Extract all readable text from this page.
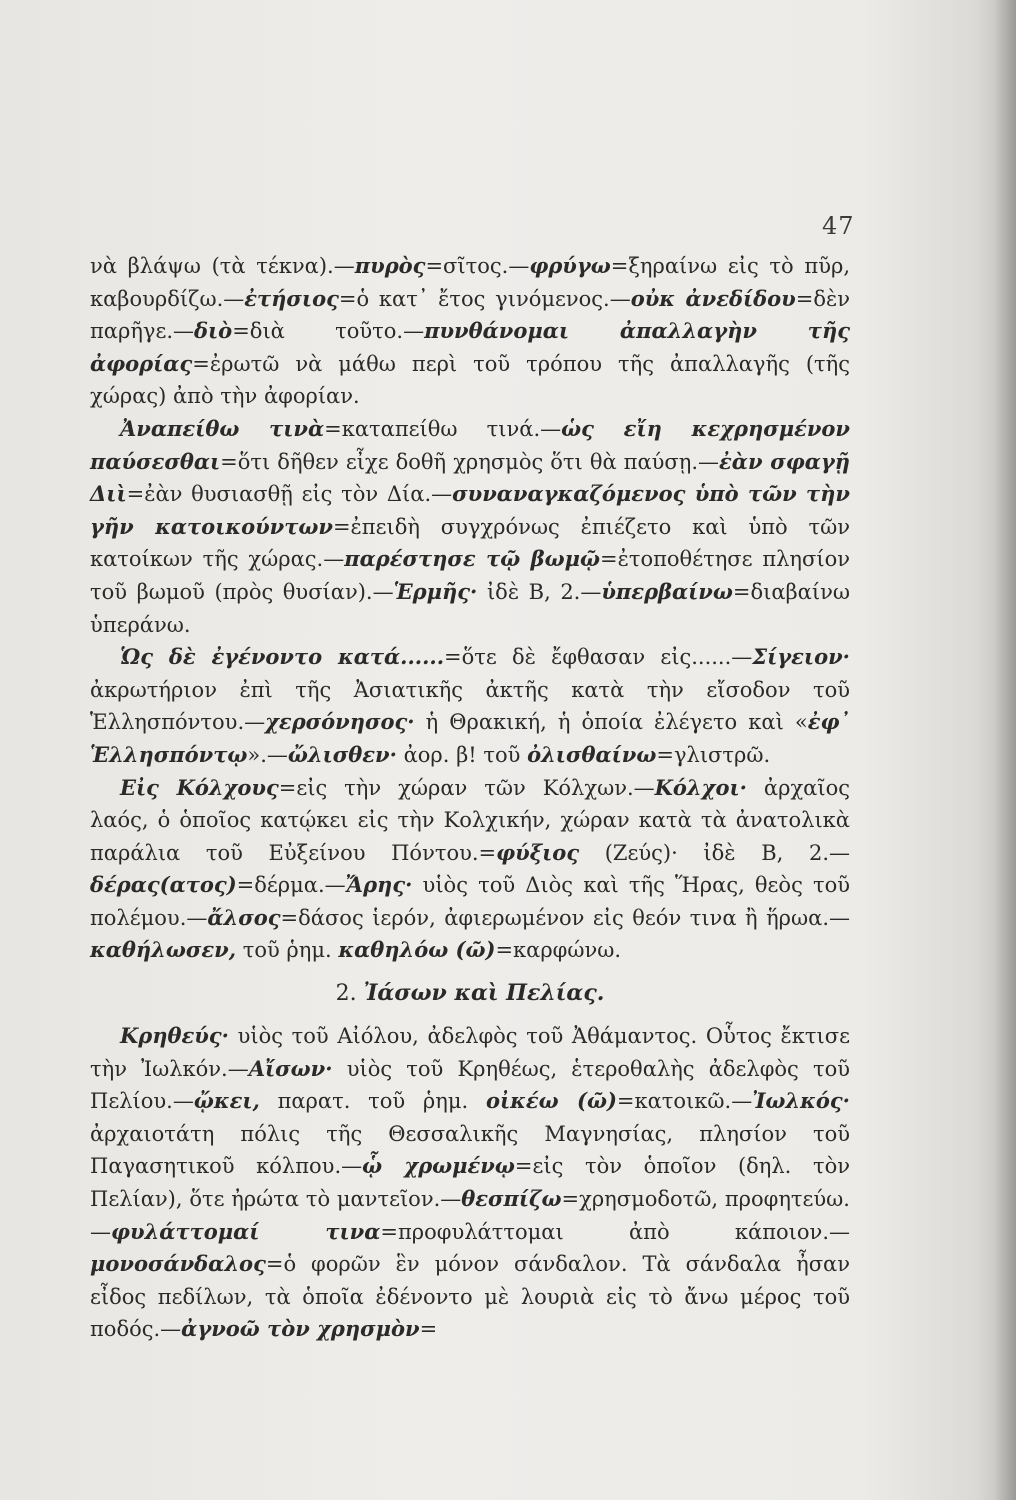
47

νὰ βλάψω (τὰ τέκνα).—πυρὸς=σῖτος.—φρύγω=ξηραίνω εἰς τὸ πῦρ, καβουρδίζω.—ἐτήσιος=ὁ κατ᾽ ἔτος γινόμενος.—οὐκ ἀνεδίδου=δὲν παρῆγε.—διὸ=διὰ τοῦτο.—πυνθάνομαι ἀπαλλαγὴν τῆς ἀφορίας=ἐρωτῶ νὰ μάθω περὶ τοῦ τρόπου τῆς ἀπαλλαγῆς (τῆς χώρας) ἀπὸ τὴν ἀφορίαν.

Ἀναπείθω τινὰ=καταπείθω τινά.—ὡς εἴη κεχρησμένον παύσεσθαι=ὅτι δῆθεν εἶχε δοθῆ χρησμὸς ὅτι θὰ παύσῃ.—ἐὰν σφαγῇ Διὶ=ἐὰν θυσιασθῇ εἰς τὸν Δία.—συναναγκαζόμενος ὑπὸ τῶν τὴν γῆν κατοικούντων=ἐπειδὴ συγχρόνως ἐπιέζετο καὶ ὑπὸ τῶν κατοίκων τῆς χώρας.—παρέστησε τῷ βωμῷ=ἐτοποθέτησε πλησίον τοῦ βωμοῦ (πρὸς θυσίαν).—Ἑρμῆς· ἰδὲ B, 2.—ὑπερβαίνω=διαβαίνω ὑπεράνω.

Ὡς δὲ ἐγένοντο κατά......=ὅτε δὲ ἔφθασαν εἰς......—Σίγειον· ἀκρωτήριον ἐπὶ τῆς Ἀσιατικῆς ἀκτῆς κατὰ τὴν εἴσοδον τοῦ Ἑλλησπόντου.—χερσόνησος· ἡ Θρακική, ἡ ὁποία ἐλέγετο καὶ «ἐφ᾽ Ἑλλησπόντῳ».—ὤλισθεν· ἀορ. β! τοῦ ὀλισθαίνω=γλιστρῶ.

Εἰς Κόλχους=εἰς τὴν χώραν τῶν Κόλχων.—Κόλχοι· ἀρχαῖος λαός, ὁ ὁποῖος κατῴκει εἰς τὴν Κολχικήν, χώραν κατὰ τὰ ἀνατολικὰ παράλια τοῦ Εὐξείνου Πόντου.=φύξιος (Ζεύς)· ἰδὲ B, 2.—δέρας(ατος)=δέρμα.—Ἄρης· υἱὸς τοῦ Διὸς καὶ τῆς Ἥρας, θεὸς τοῦ πολέμου.—ἄλσος=δάσος ἱερόν, ἀφιερωμένον εἰς θεόν τινα ἢ ἥρωα.—καθήλωσεν, τοῦ ῥημ. καθηλόω (ῶ)=καρφώνω.

2. Ἰάσων καὶ Πελίας.

Κρηθεύς· υἱὸς τοῦ Αἰόλου, ἀδελφὸς τοῦ Ἀθάμαντος. Οὗτος ἔκτισε τὴν Ἰωλκόν.—Αἴσων· υἱὸς τοῦ Κρηθέως, ἑτεροθαλὴς ἀδελφὸς τοῦ Πελίου.—ᾤκει, παρατ. τοῦ ῥημ. οἰκέω (ῶ)=κατοικῶ.—Ἰωλκός· ἀρχαιοτάτη πόλις τῆς Θεσσαλικῆς Μαγνησίας, πλησίον τοῦ Παγασητικοῦ κόλπου.—ᾧ χρωμένῳ=εἰς τὸν ὁποῖον (δηλ. τὸν Πελίαν), ὅτε ἠρώτα τὸ μαντεῖον.—θεσπίζω=χρησμοδοτῶ, προφητεύω.—φυλάττομαί τινα=προφυλάττομαι ἀπὸ κάποιον.—μονοσάνδαλος=ὁ φορῶν ἓν μόνον σάνδαλον. Τὰ σάνδαλα ἦσαν εἶδος πεδίλων, τὰ ὁποῖα ἐδένοντο μὲ λουριὰ εἰς τὸ ἄνω μέρος τοῦ ποδός.—ἀγνοῶ τὸν χρησμὸν=
